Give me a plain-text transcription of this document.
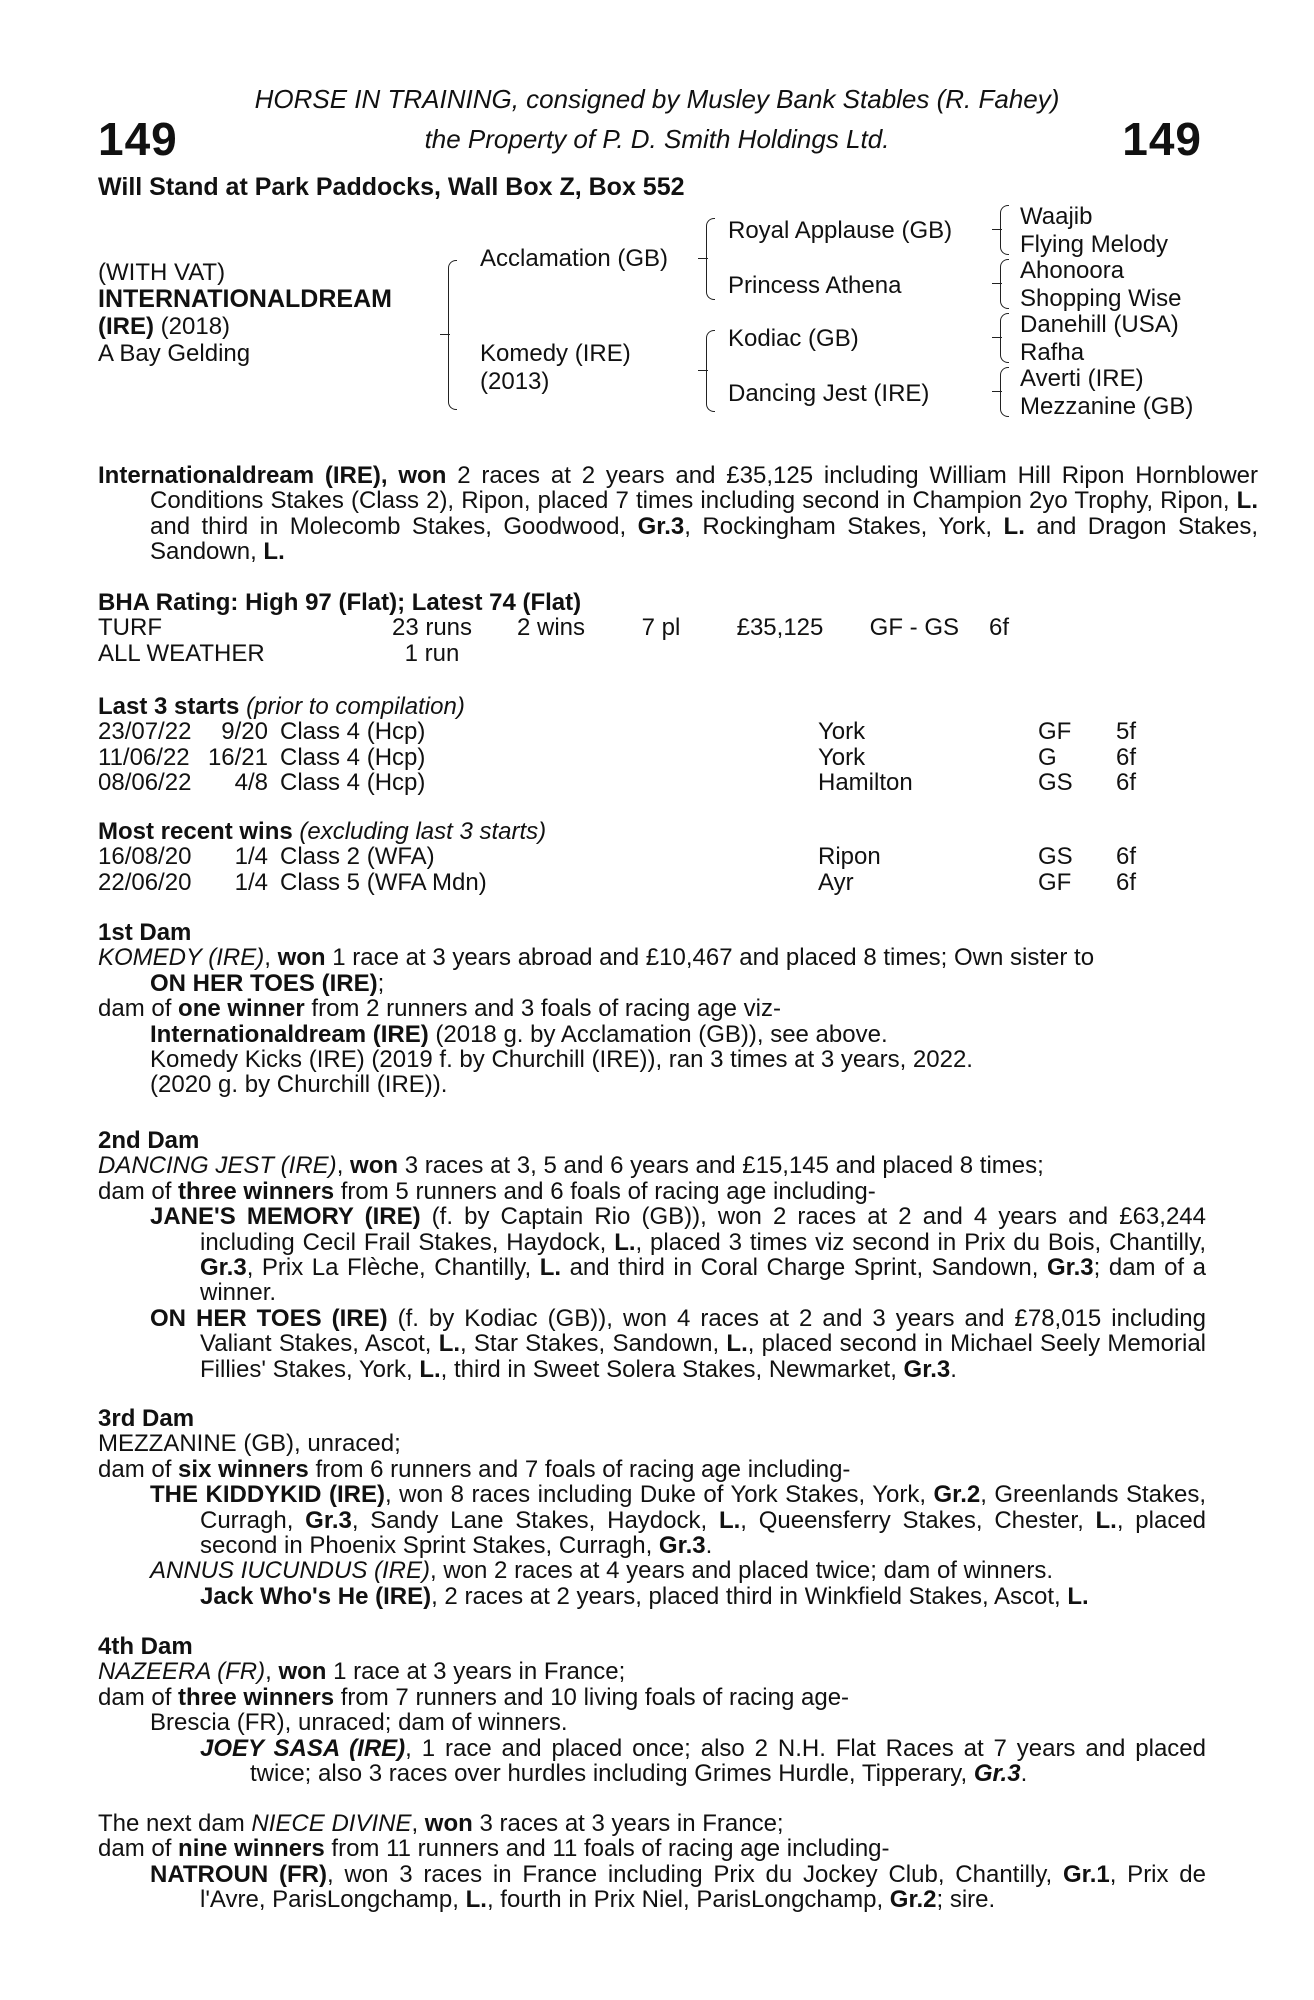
149	149
HORSE IN TRAINING, consigned by Musley Bank Stables (R. Fahey)
the Property of P. D. Smith Holdings Ltd.
Will Stand at Park Paddocks, Wall Box Z, Box 552
(WITH VAT)
INTERNATIONALDREAM
(IRE) (2018)
A Bay Gelding
Acclamation (GB)
Komedy (IRE)
(2013)
Royal Applause (GB)
Princess Athena
Kodiac (GB)
Dancing Jest (IRE)
Waajib
Flying Melody
Ahonoora
Shopping Wise
Danehill (USA)
Rafha
Averti (IRE)
Mezzanine (GB)
Internationaldream (IRE), won 2 races at 2 years and £35,125 including William Hill Ripon Hornblower Conditions Stakes (Class 2), Ripon, placed 7 times including second in Champion 2yo Trophy, Ripon, L. and third in Molecomb Stakes, Goodwood, Gr.3, Rockingham Stakes, York, L. and Dragon Stakes, Sandown, L.
BHA Rating: High 97 (Flat); Latest 74 (Flat)
TURF	23 runs	2 wins	7 pl	£35,125	GF - GS	6f
ALL WEATHER	1 run					
Last 3 starts (prior to compilation)
23/07/22	9/20	Class 4 (Hcp)	York	GF	5f
11/06/22	16/21	Class 4 (Hcp)	York	G	6f
08/06/22	4/8	Class 4 (Hcp)	Hamilton	GS	6f
Most recent wins (excluding last 3 starts)
16/08/20	1/4	Class 2 (WFA)	Ripon	GS	6f
22/06/20	1/4	Class 5 (WFA Mdn)	Ayr	GF	6f
1st Dam
KOMEDY (IRE), won 1 race at 3 years abroad and £10,467 and placed 8 times; Own sister to
ON HER TOES (IRE);
dam of one winner from 2 runners and 3 foals of racing age viz-
Internationaldream (IRE) (2018 g. by Acclamation (GB)), see above.
Komedy Kicks (IRE) (2019 f. by Churchill (IRE)), ran 3 times at 3 years, 2022.
(2020 g. by Churchill (IRE)).
2nd Dam
DANCING JEST (IRE), won 3 races at 3, 5 and 6 years and £15,145 and placed 8 times;
dam of three winners from 5 runners and 6 foals of racing age including-
JANE'S MEMORY (IRE) (f. by Captain Rio (GB)), won 2 races at 2 and 4 years and £63,244 including Cecil Frail Stakes, Haydock, L., placed 3 times viz second in Prix du Bois, Chantilly, Gr.3, Prix La Flèche, Chantilly, L. and third in Coral Charge Sprint, Sandown, Gr.3; dam of a winner.
ON HER TOES (IRE) (f. by Kodiac (GB)), won 4 races at 2 and 3 years and £78,015 including Valiant Stakes, Ascot, L., Star Stakes, Sandown, L., placed second in Michael Seely Memorial Fillies' Stakes, York, L., third in Sweet Solera Stakes, Newmarket, Gr.3.
3rd Dam
MEZZANINE (GB), unraced;
dam of six winners from 6 runners and 7 foals of racing age including-
THE KIDDYKID (IRE), won 8 races including Duke of York Stakes, York, Gr.2, Greenlands Stakes, Curragh, Gr.3, Sandy Lane Stakes, Haydock, L., Queensferry Stakes, Chester, L., placed second in Phoenix Sprint Stakes, Curragh, Gr.3.
ANNUS IUCUNDUS (IRE), won 2 races at 4 years and placed twice; dam of winners.
Jack Who's He (IRE), 2 races at 2 years, placed third in Winkfield Stakes, Ascot, L.
4th Dam
NAZEERA (FR), won 1 race at 3 years in France;
dam of three winners from 7 runners and 10 living foals of racing age-
Brescia (FR), unraced; dam of winners.
JOEY SASA (IRE), 1 race and placed once; also 2 N.H. Flat Races at 7 years and placed twice; also 3 races over hurdles including Grimes Hurdle, Tipperary, Gr.3.
The next dam NIECE DIVINE, won 3 races at 3 years in France;
dam of nine winners from 11 runners and 11 foals of racing age including-
NATROUN (FR), won 3 races in France including Prix du Jockey Club, Chantilly, Gr.1, Prix de l'Avre, ParisLongchamp, L., fourth in Prix Niel, ParisLongchamp, Gr.2; sire.
